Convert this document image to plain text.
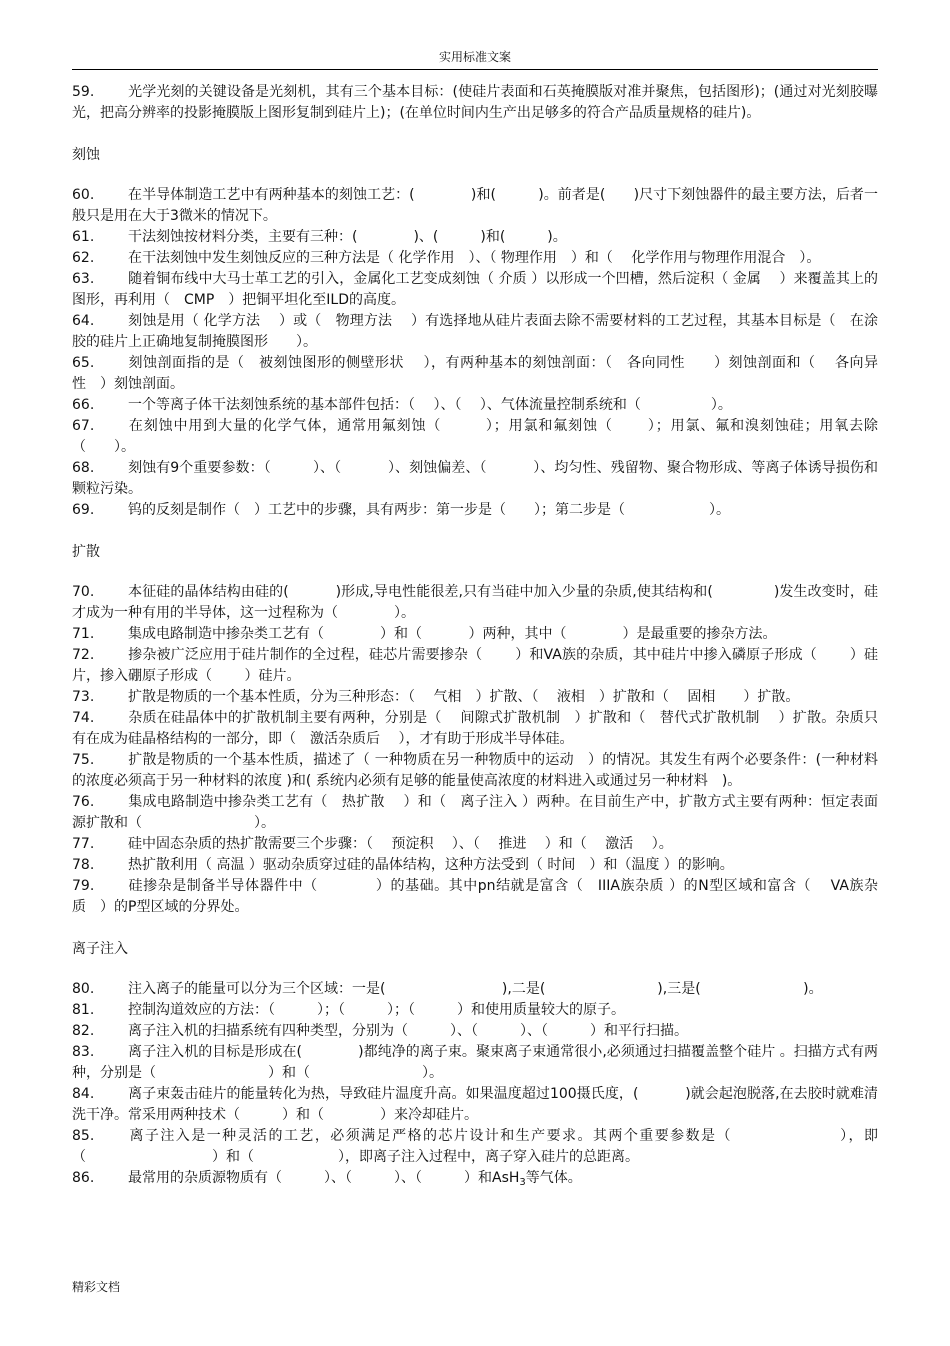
实用标准文案

59. 光学光刻的关键设备是光刻机，其有三个基本目标：(使硅片表面和石英掩膜版对准并聚焦，包括图形)；(通过对光刻胶曝光，把高分辨率的投影掩膜版上图形复制到硅片上)；(在单位时间内生产出足够多的符合产品质量规格的硅片)。

刻蚀

60. 在半导体制造工艺中有两种基本的刻蚀工艺：(　　　　)和(　　　)。前者是(　　)尺寸下刻蚀器件的最主要方法，后者一般只是用在大于3微米的情况下。

61. 干法刻蚀按材料分类，主要有三种：(　　　　)、(　　　)和(　　　)。

62. 在干法刻蚀中发生刻蚀反应的三种方法是（ 化学作用　）、（ 物理作用　）和（　 化学作用与物理作用混合　）。

63. 随着铜布线中大马士革工艺的引入，金属化工艺变成刻蚀（ 介质 ）以形成一个凹槽，然后淀积（ 金属　 ）来覆盖其上的图形，再利用（　CMP　）把铜平坦化至ILD的高度。

64. 刻蚀是用（ 化学方法　 ）或（　物理方法　 ）有选择地从硅片表面去除不需要材料的工艺过程，其基本目标是（　在涂胶的硅片上正确地复制掩膜图形　　）。

65. 刻蚀剖面指的是（　被刻蚀图形的侧壁形状　 ），有两种基本的刻蚀剖面：（　各向同性　　）刻蚀剖面和（　 各向异性　）刻蚀剖面。

66. 一个等离子体干法刻蚀系统的基本部件包括：（　 ）、（　 ）、气体流量控制系统和（　　　　　）。

67. 在刻蚀中用到大量的化学气体，通常用氟刻蚀（　　　）；用氯和氟刻蚀（　　 ）；用氯、氟和溴刻蚀硅；用氧去除（　　）。

68. 刻蚀有9个重要参数：（　　　）、（　　　 ）、刻蚀偏差、（　　　 ）、均匀性、残留物、聚合物形成、等离子体诱导损伤和颗粒污染。

69. 钨的反刻是制作（　）工艺中的步骤，具有两步：第一步是（　　）；第二步是（　　　　　　）。

扩散

70. 本征硅的晶体结构由硅的(　　　 )形成,导电性能很差,只有当硅中加入少量的杂质,使其结构和(　　　　 )发生改变时，硅才成为一种有用的半导体，这一过程称为（　　　　）。

71. 集成电路制造中掺杂类工艺有（　　　　）和（　　　 ）两种，其中（　　　　）是最重要的掺杂方法。

72. 掺杂被广泛应用于硅片制作的全过程，硅芯片需要掺杂（　　 ）和VA族的杂质，其中硅片中掺入磷原子形成（　　 ）硅片，掺入硼原子形成（　　 ）硅片。

73. 扩散是物质的一个基本性质，分为三种形态：（　 气相　）扩散、（　 液相　）扩散和（　 固相　　）扩散。

74. 杂质在硅晶体中的扩散机制主要有两种，分别是（　 间隙式扩散机制　）扩散和（　替代式扩散机制　 ）扩散。杂质只有在成为硅晶格结构的一部分，即（　激活杂质后　 ），才有助于形成半导体硅。

75. 扩散是物质的一个基本性质，描述了（ 一种物质在另一种物质中的运动　）的情况。其发生有两个必要条件：(一种材料的浓度必须高于另一种材料的浓度 )和( 系统内必须有足够的能量使高浓度的材料进入或通过另一种材料　)。

76. 集成电路制造中掺杂类工艺有（　热扩散　 ）和（　离子注入 ）两种。在目前生产中，扩散方式主要有两种：恒定表面源扩散和（　　　　　　　　）。

77. 硅中固态杂质的热扩散需要三个步骤：（　 预淀积　 ）、（　 推进　 ）和（　 激活　 ）。

78. 热扩散利用（ 高温 ）驱动杂质穿过硅的晶体结构，这种方法受到（ 时间　）和（温度 ）的影响。

79. 硅掺杂是制备半导体器件中（　　　　）的基础。其中pn结就是富含（　IIIA族杂质 ）的N型区域和富含（　 VA族杂质　）的P型区域的分界处。

离子注入

80. 注入离子的能量可以分为三个区域：一是(　　　　　　　　 ),二是(　　　　　　　　),三是(　　　　　　　 )。

81. 控制沟道效应的方法：（　　　）；（　　　）；（　　　）和使用质量较大的原子。

82. 离子注入机的扫描系统有四种类型，分别为（　　　）、（　　　）、（　　　）和平行扫描。

83. 离子注入机的目标是形成在(　　　　)都纯净的离子束。聚束离子束通常很小,必须通过扫描覆盖整个硅片 。扫描方式有两种，分别是（　　　　　　　　）和（　　　　　　　　）。

84. 离子束轰击硅片的能量转化为热，导致硅片温度升高。如果温度超过100摄氏度，(　　　 )就会起泡脱落,在去胶时就难清洗干净。常采用两种技术（　　　）和（　　　　）来冷却硅片。

85. 离子注入是一种灵活的工艺，必须满足严格的芯片设计和生产要求。其两个重要参数是（　　　　　　　），即（　　　　　　　　　）和（　　　　　　），即离子注入过程中，离子穿入硅片的总距离。

86. 最常用的杂质源物质有（　　　）、（　　　）、（　　　）和AsH$_3$等气体。

精彩文档
